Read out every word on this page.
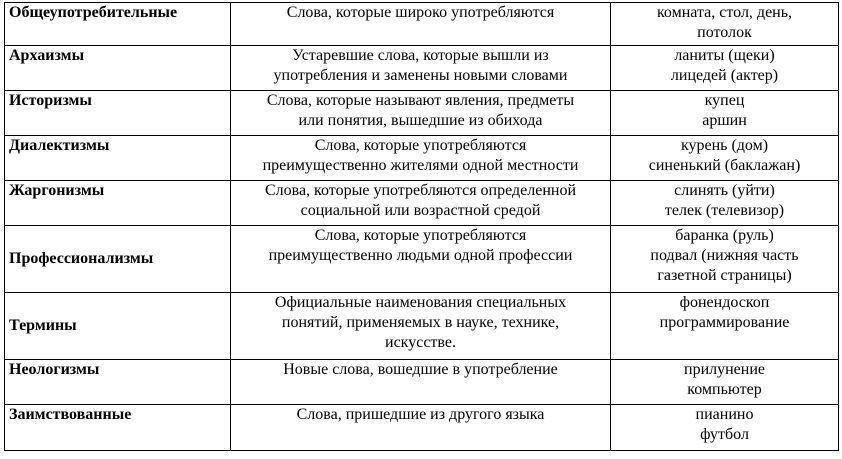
Общеупотребительные	Слова, которые широко употребляются	комната, стол, день,
потолок

Архаизмы	Устаревшие слова, которые вышли из
употребления и заменены новыми словами	ланиты (щеки)
лицедей (актер)

Историзмы	Слова, которые называют явления, предметы
или понятия, вышедшие из обихода	купец
аршин

Диалектизмы	Слова, которые употребляются
преимущественно жителями одной местности	курень (дом)
синенький (баклажан)

Жаргонизмы	Слова, которые употребляются определенной
социальной или возрастной средой	слинять (уйти)
телек (телевизор)

Профессионализмы	Слова, которые употребляются
преимущественно людьми одной профессии	баранка (руль)
подвал (нижняя часть
газетной страницы)

Термины	Официальные наименования специальных
понятий, применяемых в науке, технике,
искусстве.	фонендоскоп
программирование

Неологизмы	Новые слова, вошедшие в употребление	прилунение
компьютер

Заимствованные	Слова, пришедшие из другого языка	пианино
футбол
